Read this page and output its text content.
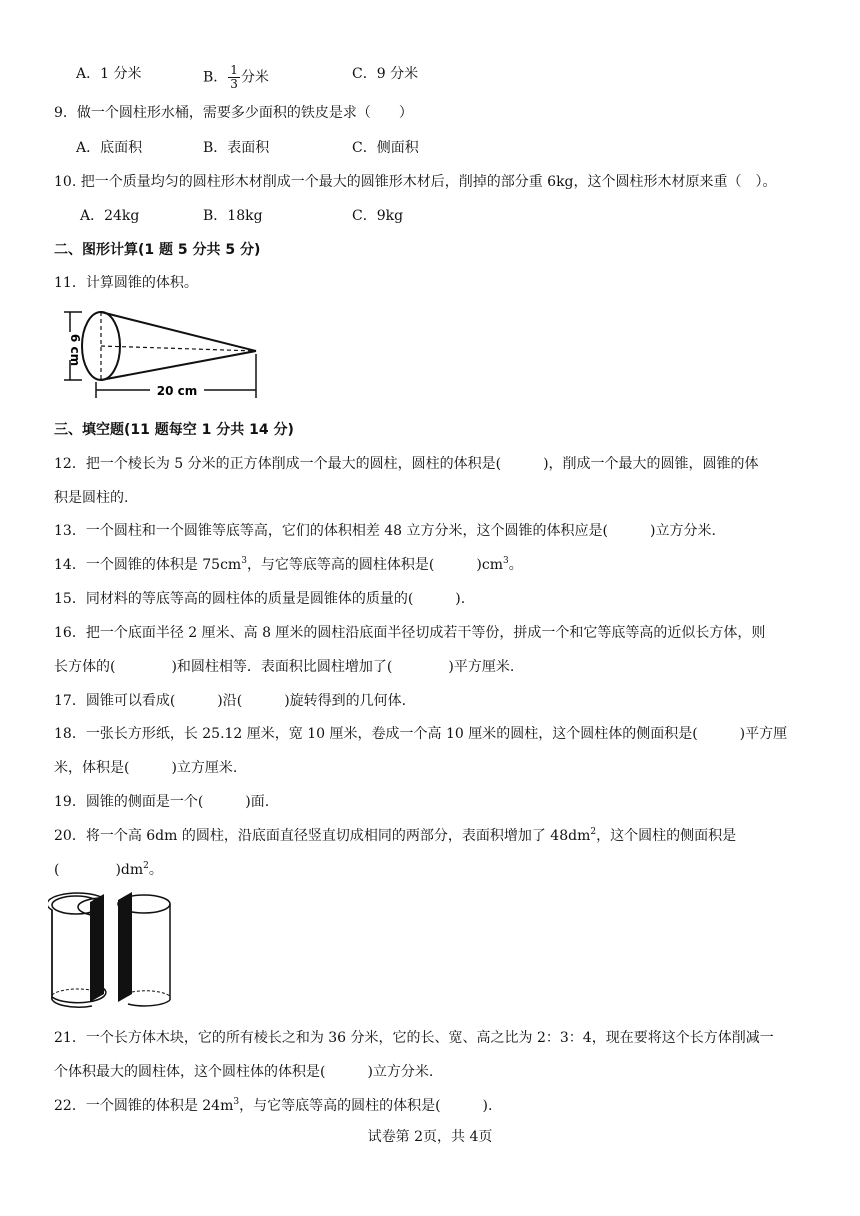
A．1 分米	B． $\frac{1}{3}$ 分米	C．9 分米
9．做一个圆柱形水桶，需要多少面积的铁皮是求（　　）
A．底面积	B．表面积	C．侧面积
10. 把一个质量均匀的圆柱形木材削成一个最大的圆锥形木材后，削掉的部分重 6kg，这个圆柱形木材原来重（　）。
A．24kg	B．18kg	C．9kg
二、图形计算(1 题 5 分共 5 分)
11．计算圆锥的体积。
6 cm
20 cm
三、填空题(11 题每空 1 分共 14 分)
12．把一个棱长为 5 分米的正方体削成一个最大的圆柱，圆柱的体积是(　　　)，削成一个最大的圆锥，圆锥的体
积是圆柱的.
13．一个圆柱和一个圆锥等底等高，它们的体积相差 48 立方分米，这个圆锥的体积应是(　　　)立方分米.
14．一个圆锥的体积是 $75cm^3$，与它等底等高的圆柱体积是(　　　)$cm^3$。
15．同材料的等底等高的圆柱体的质量是圆锥体的质量的(　　　).
16．把一个底面半径 2 厘米、高 8 厘米的圆柱沿底面半径切成若干等份，拼成一个和它等底等高的近似长方体，则
长方体的(　　　　)和圆柱相等．表面积比圆柱增加了(　　　　)平方厘米.
17．圆锥可以看成(　　　)沿(　　　)旋转得到的几何体.
18．一张长方形纸，长 25.12 厘米，宽 10 厘米，卷成一个高 10 厘米的圆柱，这个圆柱体的侧面积是(　　　)平方厘
米，体积是(　　　)立方厘米.
19．圆锥的侧面是一个(　　　)面.
20．将一个高 6dm 的圆柱，沿底面直径竖直切成相同的两部分，表面积增加了 $48dm^2$，这个圆柱的侧面积是
(　　　　)$dm^2$。
21．一个长方体木块，它的所有棱长之和为 36 分米，它的长、宽、高之比为 2：3：4，现在要将这个长方体削减一
个体积最大的圆柱体，这个圆柱体的体积是(　　　)立方分米.
22．一个圆锥的体积是 $24m^3$，与它等底等高的圆柱的体积是(　　　).
试卷第 2页，共 4页
